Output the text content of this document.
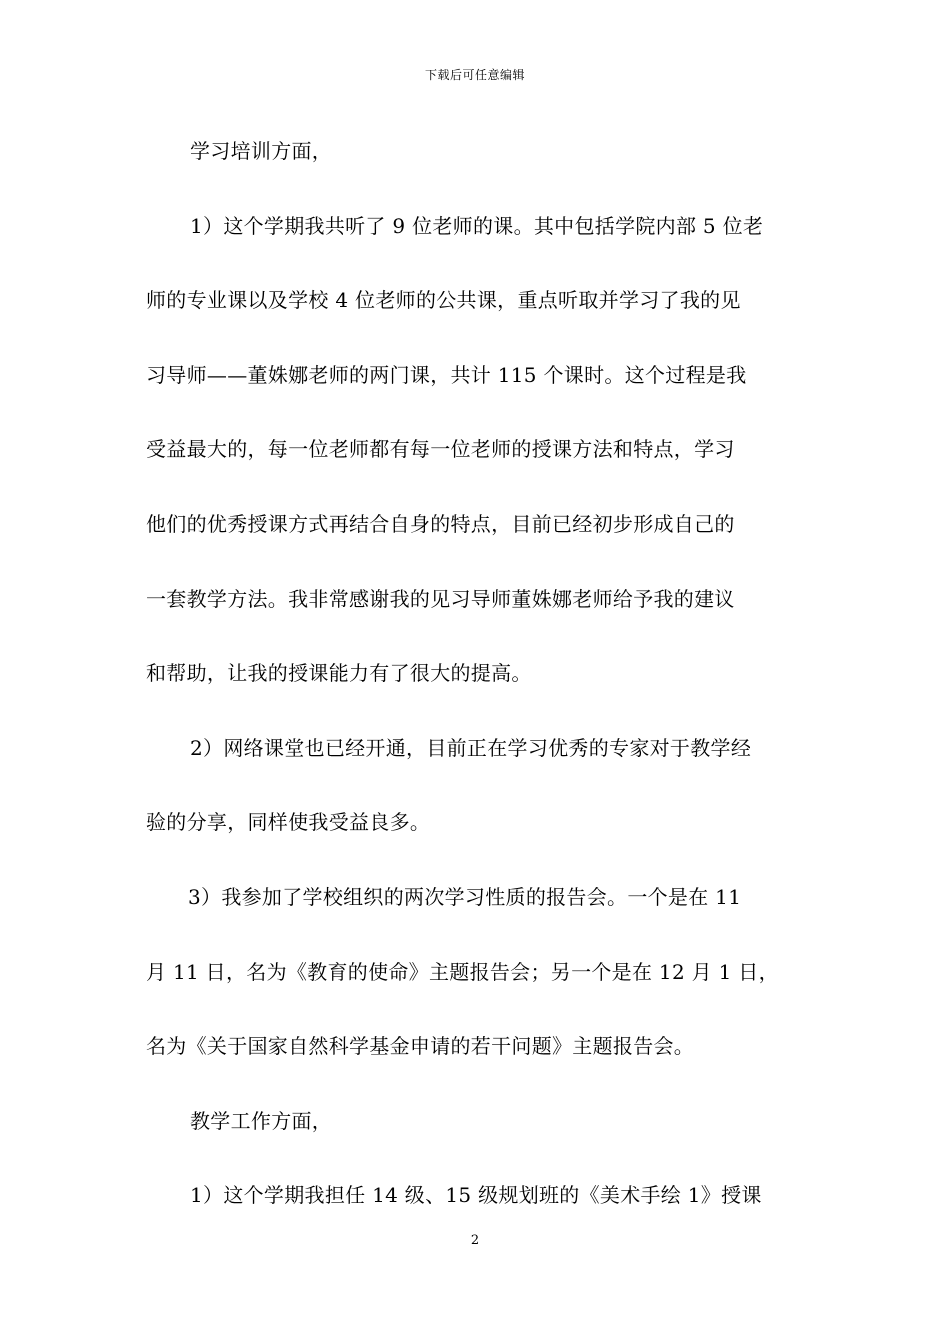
下载后可任意编辑
学习培训方面，
1）这个学期我共听了 9 位老师的课。其中包括学院内部 5 位老
师的专业课以及学校 4 位老师的公共课，重点听取并学习了我的见
习导师——董姝娜老师的两门课，共计 115 个课时。这个过程是我
受益最大的，每一位老师都有每一位老师的授课方法和特点，学习
他们的优秀授课方式再结合自身的特点，目前已经初步形成自己的
一套教学方法。我非常感谢我的见习导师董姝娜老师给予我的建议
和帮助，让我的授课能力有了很大的提高。
2）网络课堂也已经开通，目前正在学习优秀的专家对于教学经
验的分享，同样使我受益良多。
3）我参加了学校组织的两次学习性质的报告会。一个是在 11
月 11 日，名为《教育的使命》主题报告会；另一个是在 12 月 1 日，
名为《关于国家自然科学基金申请的若干问题》主题报告会。
教学工作方面，
1）这个学期我担任 14 级、15 级规划班的《美术手绘 1》授课
2
